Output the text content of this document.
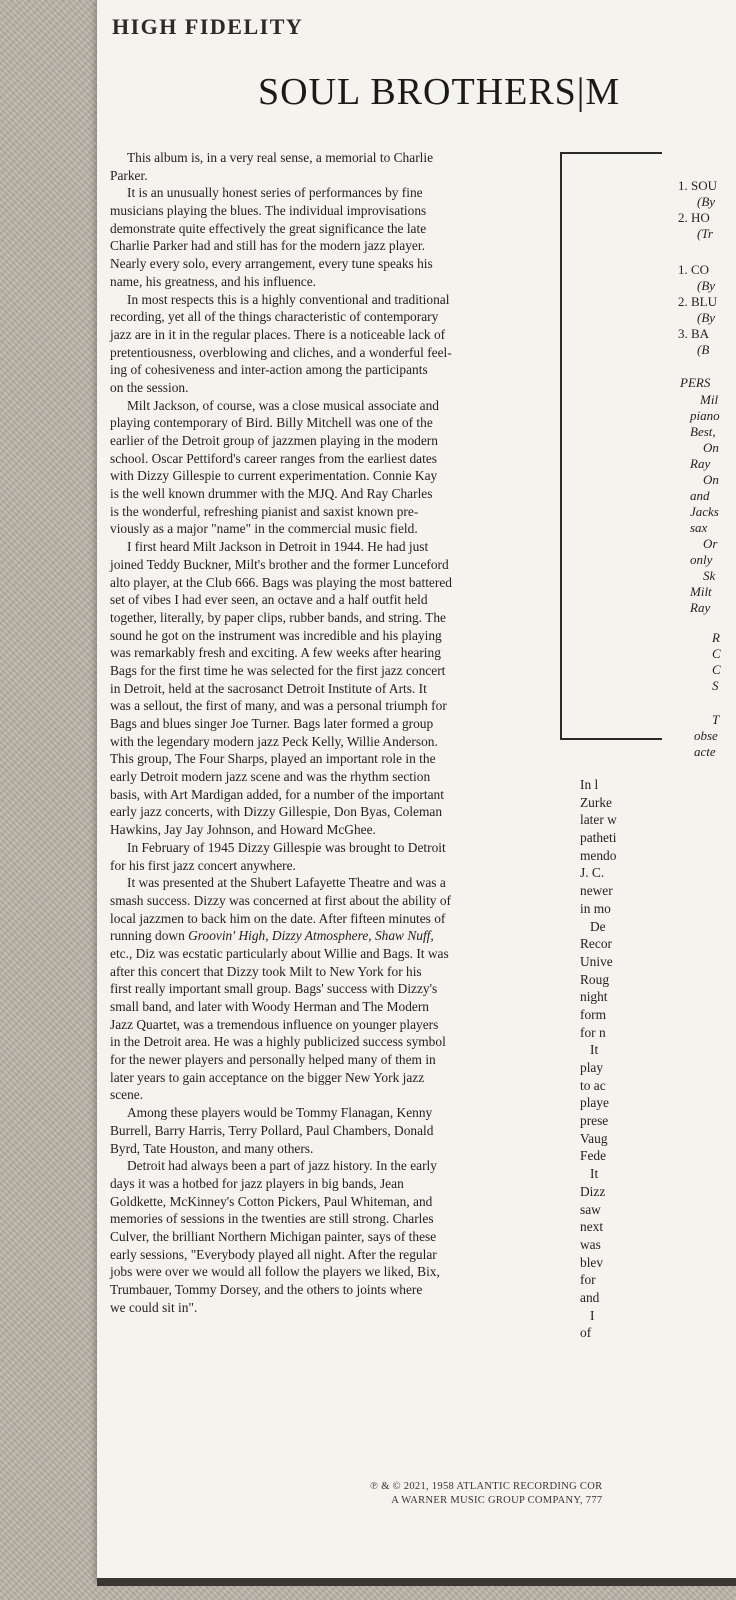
HIGH FIDELITY
SOUL BROTHERS|M
This album is, in a very real sense, a memorial to Charlie
Parker.
It is an unusually honest series of performances by fine
musicians playing the blues. The individual improvisations
demonstrate quite effectively the great significance the late
Charlie Parker had and still has for the modern jazz player.
Nearly every solo, every arrangement, every tune speaks his
name, his greatness, and his influence.
In most respects this is a highly conventional and traditional
recording, yet all of the things characteristic of contemporary
jazz are in it in the regular places. There is a noticeable lack of
pretentiousness, overblowing and cliches, and a wonderful feel-
ing of cohesiveness and inter-action among the participants
on the session.
Milt Jackson, of course, was a close musical associate and
playing contemporary of Bird. Billy Mitchell was one of the
earlier of the Detroit group of jazzmen playing in the modern
school. Oscar Pettiford's career ranges from the earliest dates
with Dizzy Gillespie to current experimentation. Connie Kay
is the well known drummer with the MJQ. And Ray Charles
is the wonderful, refreshing pianist and saxist known pre-
viously as a major "name" in the commercial music field.
I first heard Milt Jackson in Detroit in 1944. He had just
joined Teddy Buckner, Milt's brother and the former Lunceford
alto player, at the Club 666. Bags was playing the most battered
set of vibes I had ever seen, an octave and a half outfit held
together, literally, by paper clips, rubber bands, and string. The
sound he got on the instrument was incredible and his playing
was remarkably fresh and exciting. A few weeks after hearing
Bags for the first time he was selected for the first jazz concert
in Detroit, held at the sacrosanct Detroit Institute of Arts. It
was a sellout, the first of many, and was a personal triumph for
Bags and blues singer Joe Turner. Bags later formed a group
with the legendary modern jazz Peck Kelly, Willie Anderson.
This group, The Four Sharps, played an important role in the
early Detroit modern jazz scene and was the rhythm section
basis, with Art Mardigan added, for a number of the important
early jazz concerts, with Dizzy Gillespie, Don Byas, Coleman
Hawkins, Jay Jay Johnson, and Howard McGhee.
In February of 1945 Dizzy Gillespie was brought to Detroit
for his first jazz concert anywhere.
It was presented at the Shubert Lafayette Theatre and was a
smash success. Dizzy was concerned at first about the ability of
local jazzmen to back him on the date. After fifteen minutes of
running down Groovin' High, Dizzy Atmosphere, Shaw Nuff,
etc., Diz was ecstatic particularly about Willie and Bags. It was
after this concert that Dizzy took Milt to New York for his
first really important small group. Bags' success with Dizzy's
small band, and later with Woody Herman and The Modern
Jazz Quartet, was a tremendous influence on younger players
in the Detroit area. He was a highly publicized success symbol
for the newer players and personally helped many of them in
later years to gain acceptance on the bigger New York jazz
scene.
Among these players would be Tommy Flanagan, Kenny
Burrell, Barry Harris, Terry Pollard, Paul Chambers, Donald
Byrd, Tate Houston, and many others.
Detroit had always been a part of jazz history. In the early
days it was a hotbed for jazz players in big bands, Jean
Goldkette, McKinney's Cotton Pickers, Paul Whiteman, and
memories of sessions in the twenties are still strong. Charles
Culver, the brilliant Northern Michigan painter, says of these
early sessions, "Everybody played all night. After the regular
jobs were over we would all follow the players we liked, Bix,
Trumbauer, Tommy Dorsey, and the others to joints where
we could sit in".
1. SOU
(By
2. HO
(Tr
1. CO
(By
2. BLU
(By
3. BA
(B
PERS
Mil
piano
Best,
On
Ray
On
and
Jacks
sax
Or
only
Sk
Milt
Ray
R
C
C
S
T
obse
acte
In l
Zurke
later w
patheti
mendo
J. C.
newer
in mo
De
Recor
Unive
Roug
night
form
for n
It
play
to ac
playe
prese
Vaug
Fede
It
Dizz
saw
next
was
blev
for
and
I
of
℗ & © 2021, 1958 ATLANTIC RECORDING COR
A WARNER MUSIC GROUP COMPANY, 777
